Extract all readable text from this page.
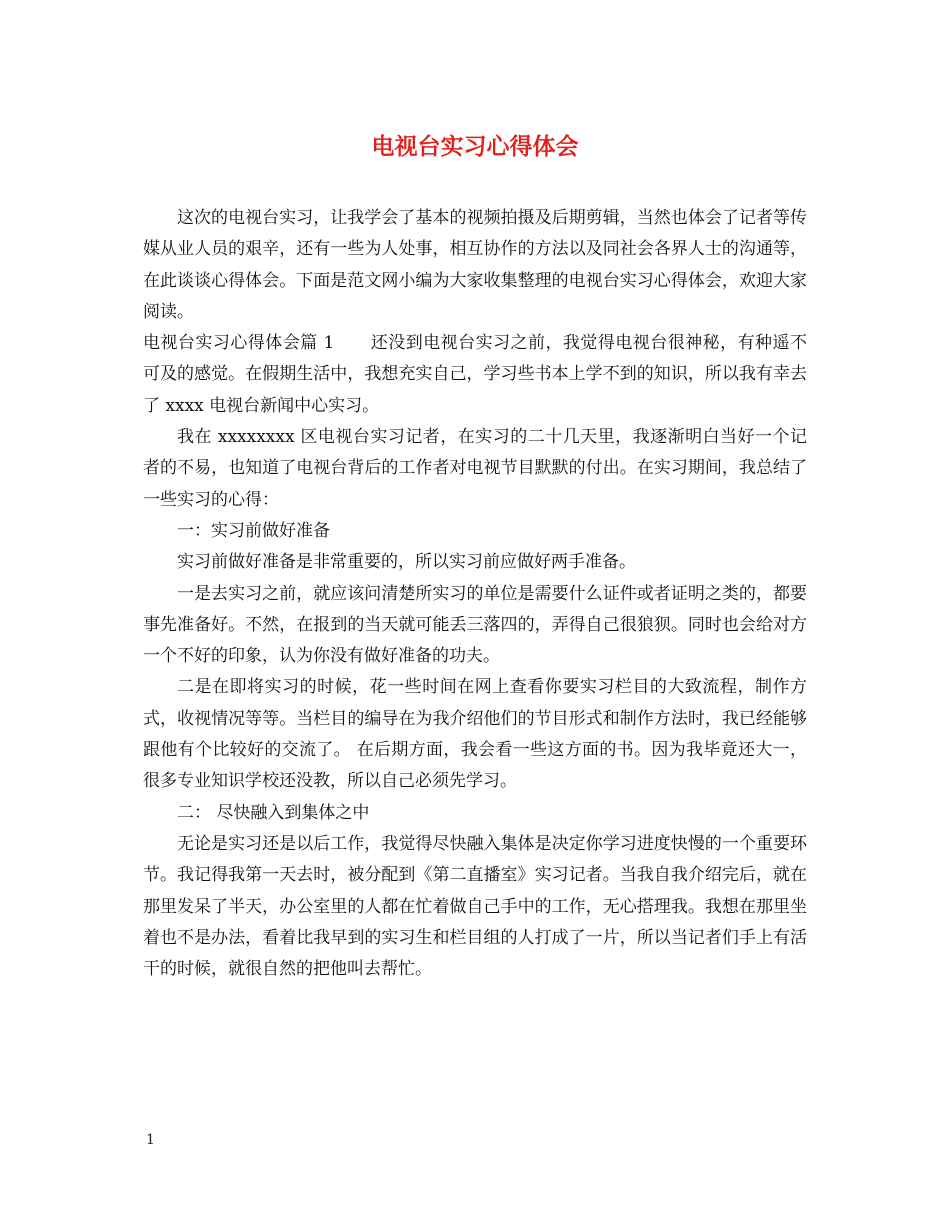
电视台实习心得体会

这次的电视台实习，让我学会了基本的视频拍摄及后期剪辑，当然也体会了记者等传媒从业人员的艰辛，还有一些为人处事，相互协作的方法以及同社会各界人士的沟通等，在此谈谈心得体会。下面是范文网小编为大家收集整理的电视台实习心得体会，欢迎大家阅读。

电视台实习心得体会篇 1 还没到电视台实习之前，我觉得电视台很神秘，有种遥不可及的感觉。在假期生活中，我想充实自己，学习些书本上学不到的知识，所以我有幸去了 xxxx 电视台新闻中心实习。

我在 xxxxxxxx 区电视台实习记者，在实习的二十几天里，我逐渐明白当好一个记者的不易，也知道了电视台背后的工作者对电视节目默默的付出。在实习期间，我总结了一些实习的心得：

一：实习前做好准备

实习前做好准备是非常重要的，所以实习前应做好两手准备。

一是去实习之前，就应该问清楚所实习的单位是需要什么证件或者证明之类的，都要事先准备好。不然，在报到的当天就可能丢三落四的，弄得自己很狼狈。同时也会给对方一个不好的印象，认为你没有做好准备的功夫。

二是在即将实习的时候，花一些时间在网上查看你要实习栏目的大致流程，制作方式，收视情况等等。当栏目的编导在为我介绍他们的节目形式和制作方法时，我已经能够跟他有个比较好的交流了。 在后期方面，我会看一些这方面的书。因为我毕竟还大一，很多专业知识学校还没教，所以自己必须先学习。

二： 尽快融入到集体之中

无论是实习还是以后工作，我觉得尽快融入集体是决定你学习进度快慢的一个重要环节。我记得我第一天去时，被分配到《第二直播室》实习记者。当我自我介绍完后，就在那里发呆了半天，办公室里的人都在忙着做自己手中的工作，无心搭理我。我想在那里坐着也不是办法，看着比我早到的实习生和栏目组的人打成了一片，所以当记者们手上有活干的时候，就很自然的把他叫去帮忙。

1
